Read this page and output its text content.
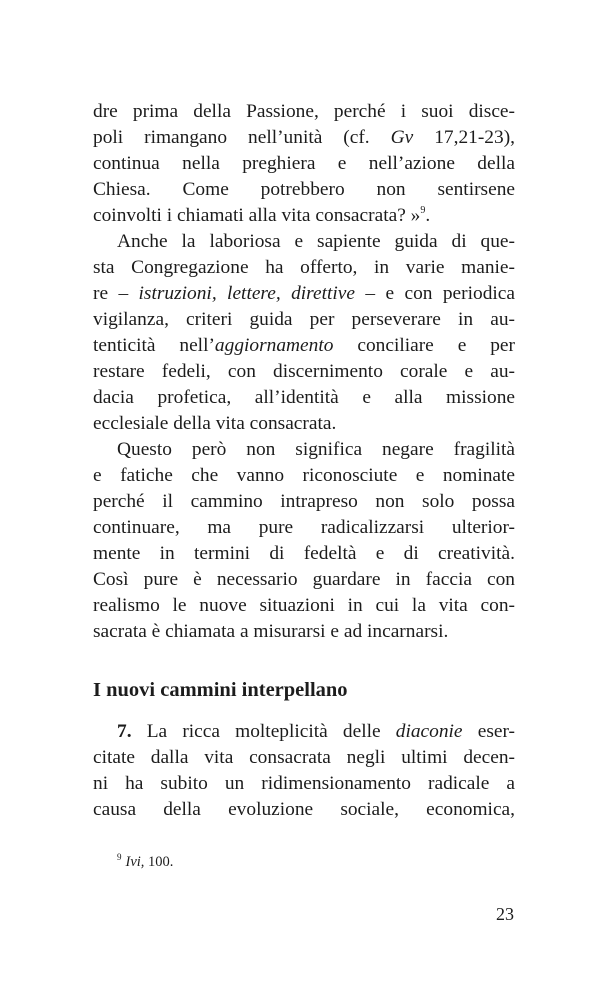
dre prima della Passione, perché i suoi disce-
poli rimangano nell’unità (cf. Gv 17,21-23),
continua nella preghiera e nell’azione della
Chiesa. Come potrebbero non sentirsene
coinvolti i chiamati alla vita consacrata? »$^9$.
Anche la laboriosa e sapiente guida di que-
sta Congregazione ha offerto, in varie manie-
re – istruzioni, lettere, direttive – e con periodica
vigilanza, criteri guida per perseverare in au-
tenticità nell’aggiornamento conciliare e per
restare fedeli, con discernimento corale e au-
dacia profetica, all’identità e alla missione
ecclesiale della vita consacrata.
Questo però non significa negare fragilità
e fatiche che vanno riconosciute e nominate
perché il cammino intrapreso non solo possa
continuare, ma pure radicalizzarsi ulterior-
mente in termini di fedeltà e di creatività.
Così pure è necessario guardare in faccia con
realismo le nuove situazioni in cui la vita con-
sacrata è chiamata a misurarsi e ad incarnarsi.
I nuovi cammini interpellano
7. La ricca molteplicità delle diaconie eser-
citate dalla vita consacrata negli ultimi decen-
ni ha subito un ridimensionamento radicale a
causa della evoluzione sociale, economica,
$^9$ Ivi, 100.
23
